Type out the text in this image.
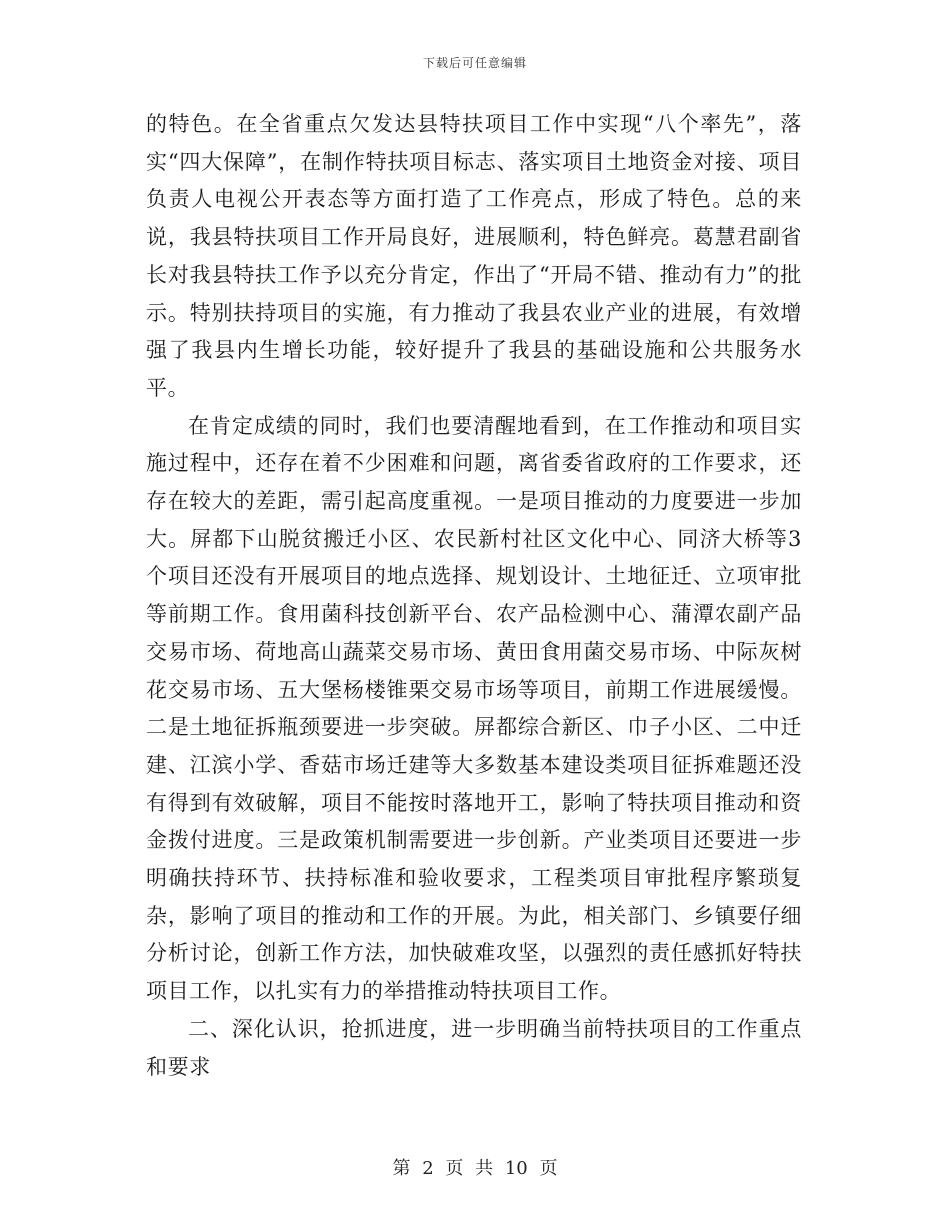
下载后可任意编辑

的特色。在全省重点欠发达县特扶项目工作中实现“八个率先”，落实“四大保障”，在制作特扶项目标志、落实项目土地资金对接、项目负责人电视公开表态等方面打造了工作亮点，形成了特色。总的来说，我县特扶项目工作开局良好，进展顺利，特色鲜亮。葛慧君副省长对我县特扶工作予以充分肯定，作出了“开局不错、推动有力”的批示。特别扶持项目的实施，有力推动了我县农业产业的进展，有效增强了我县内生增长功能，较好提升了我县的基础设施和公共服务水平。

在肯定成绩的同时，我们也要清醒地看到，在工作推动和项目实施过程中，还存在着不少困难和问题，离省委省政府的工作要求，还存在较大的差距，需引起高度重视。一是项目推动的力度要进一步加大。屏都下山脱贫搬迁小区、农民新村社区文化中心、同济大桥等3个项目还没有开展项目的地点选择、规划设计、土地征迁、立项审批等前期工作。食用菌科技创新平台、农产品检测中心、蒲潭农副产品交易市场、荷地高山蔬菜交易市场、黄田食用菌交易市场、中际灰树花交易市场、五大堡杨楼锥栗交易市场等项目，前期工作进展缓慢。二是土地征拆瓶颈要进一步突破。屏都综合新区、巾子小区、二中迁建、江滨小学、香菇市场迁建等大多数基本建设类项目征拆难题还没有得到有效破解，项目不能按时落地开工，影响了特扶项目推动和资金拨付进度。三是政策机制需要进一步创新。产业类项目还要进一步明确扶持环节、扶持标准和验收要求，工程类项目审批程序繁琐复杂，影响了项目的推动和工作的开展。为此，相关部门、乡镇要仔细分析讨论，创新工作方法，加快破难攻坚，以强烈的责任感抓好特扶项目工作，以扎实有力的举措推动特扶项目工作。

二、深化认识，抢抓进度，进一步明确当前特扶项目的工作重点和要求

第 2 页 共 10 页
